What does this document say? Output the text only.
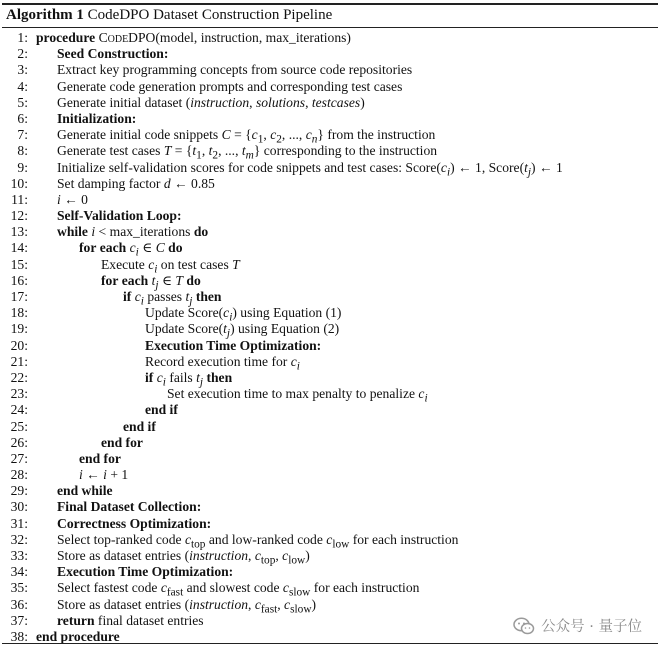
Algorithm 1 CodeDPO Dataset Construction Pipeline
1: procedure CodeDPO(model, instruction, max_iterations)
2: Seed Construction:
3: Extract key programming concepts from source code repositories
4: Generate code generation prompts and corresponding test cases
5: Generate initial dataset (instruction, solutions, testcases)
6: Initialization:
7: Generate initial code snippets $C = \{c_1$, $c_2$, ..., $c_n$} from the instruction
8: Generate test cases $T = \{t_1$, $t_2$, ..., $t_m$} corresponding to the instruction
9: Initialize self-validation scores for code snippets and test cases: $Score(c_i)$ ← 1, $Score(t_j)$ ← 1
10: Set damping factor d ← 0.85
11: i ← 0
12: Self-Validation Loop:
13: while i < max_iterations do
14:	for each $c_i$ ∈ C do
15:	Execute $c_i$ on test cases T
16:	for each $t_j$ ∈ T do
17:	if $c_i$ passes $t_j$ then
18:	Update $Score(c_i)$ using Equation (1)
19:	Update $Score(t_j)$ using Equation (2)
20:	Execution Time Optimization:
21:	Record execution time for $c_i$
22:	if $c_i$ fails $t_j$ then
23:	Set execution time to max penalty to penalize $c_i$
24:	end if
25:	end if
26:	end for
27:	end for
28:	i ← i + 1
29: end while
30: Final Dataset Collection:
31: Correctness Optimization:
32: Select top-ranked code $c_{top}$ and low-ranked code $c_{low}$ for each instruction
33: Store as dataset entries (instruction, $c_{top}$, $c_{low}$)
34: Execution Time Optimization:
35: Select fastest code $c_{fast}$ and slowest code $c_{slow}$ for each instruction
36: Store as dataset entries (instruction, $c_{fast}$, $c_{slow}$)
37: return final dataset entries
38: end procedure
公众号 · 量子位
